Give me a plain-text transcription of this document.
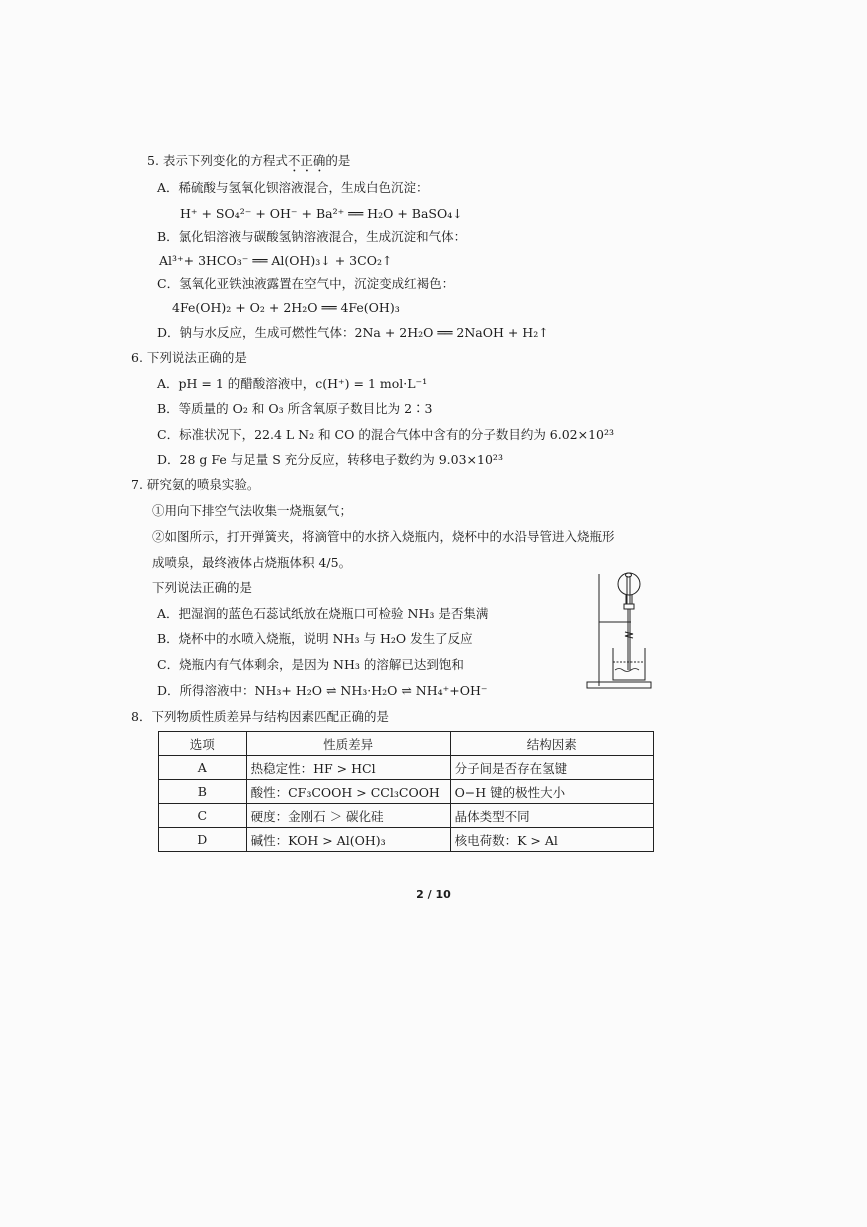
5. 表示下列变化的方程式不正确的是
A．稀硫酸与氢氧化钡溶液混合，生成白色沉淀：
H⁺ + SO₄²⁻ + OH⁻ + Ba²⁺ ══ H₂O + BaSO₄↓
B．氯化铝溶液与碳酸氢钠溶液混合，生成沉淀和气体：
Al³⁺+ 3HCO₃⁻ ══ Al(OH)₃↓ + 3CO₂↑
C．氢氧化亚铁浊液露置在空气中，沉淀变成红褐色：
4Fe(OH)₂ + O₂ + 2H₂O ══ 4Fe(OH)₃
D．钠与水反应，生成可燃性气体：2Na + 2H₂O ══ 2NaOH + H₂↑
6. 下列说法正确的是
A．pH = 1 的醋酸溶液中，c(H⁺) = 1 mol·L⁻¹
B．等质量的 O₂ 和 O₃ 所含氧原子数目比为 2∶3
C．标准状况下，22.4 L N₂ 和 CO 的混合气体中含有的分子数目约为 6.02×10²³
D．28 g Fe 与足量 S 充分反应，转移电子数约为 9.03×10²³
7. 研究氨的喷泉实验。
①用向下排空气法收集一烧瓶氨气；
②如图所示，打开弹簧夹，将滴管中的水挤入烧瓶内，烧杯中的水沿导管进入烧瓶形
成喷泉，最终液体占烧瓶体积 4/5。
下列说法正确的是
A．把湿润的蓝色石蕊试纸放在烧瓶口可检验 NH₃ 是否集满
B．烧杯中的水喷入烧瓶，说明 NH₃ 与 H₂O 发生了反应
C．烧瓶内有气体剩余，是因为 NH₃ 的溶解已达到饱和
D．所得溶液中：NH₃+ H₂O ⇌ NH₃·H₂O ⇌ NH₄⁺+OH⁻
8．下列物质性质差异与结构因素匹配正确的是
选项	性质差异	结构因素
A	热稳定性：HF > HCl	分子间是否存在氢键
B	酸性：CF₃COOH > CCl₃COOH	O−H 键的极性大小
C	硬度：金刚石 ＞ 碳化硅	晶体类型不同
D	碱性：KOH > Al(OH)₃	核电荷数：K > Al
2 / 10
